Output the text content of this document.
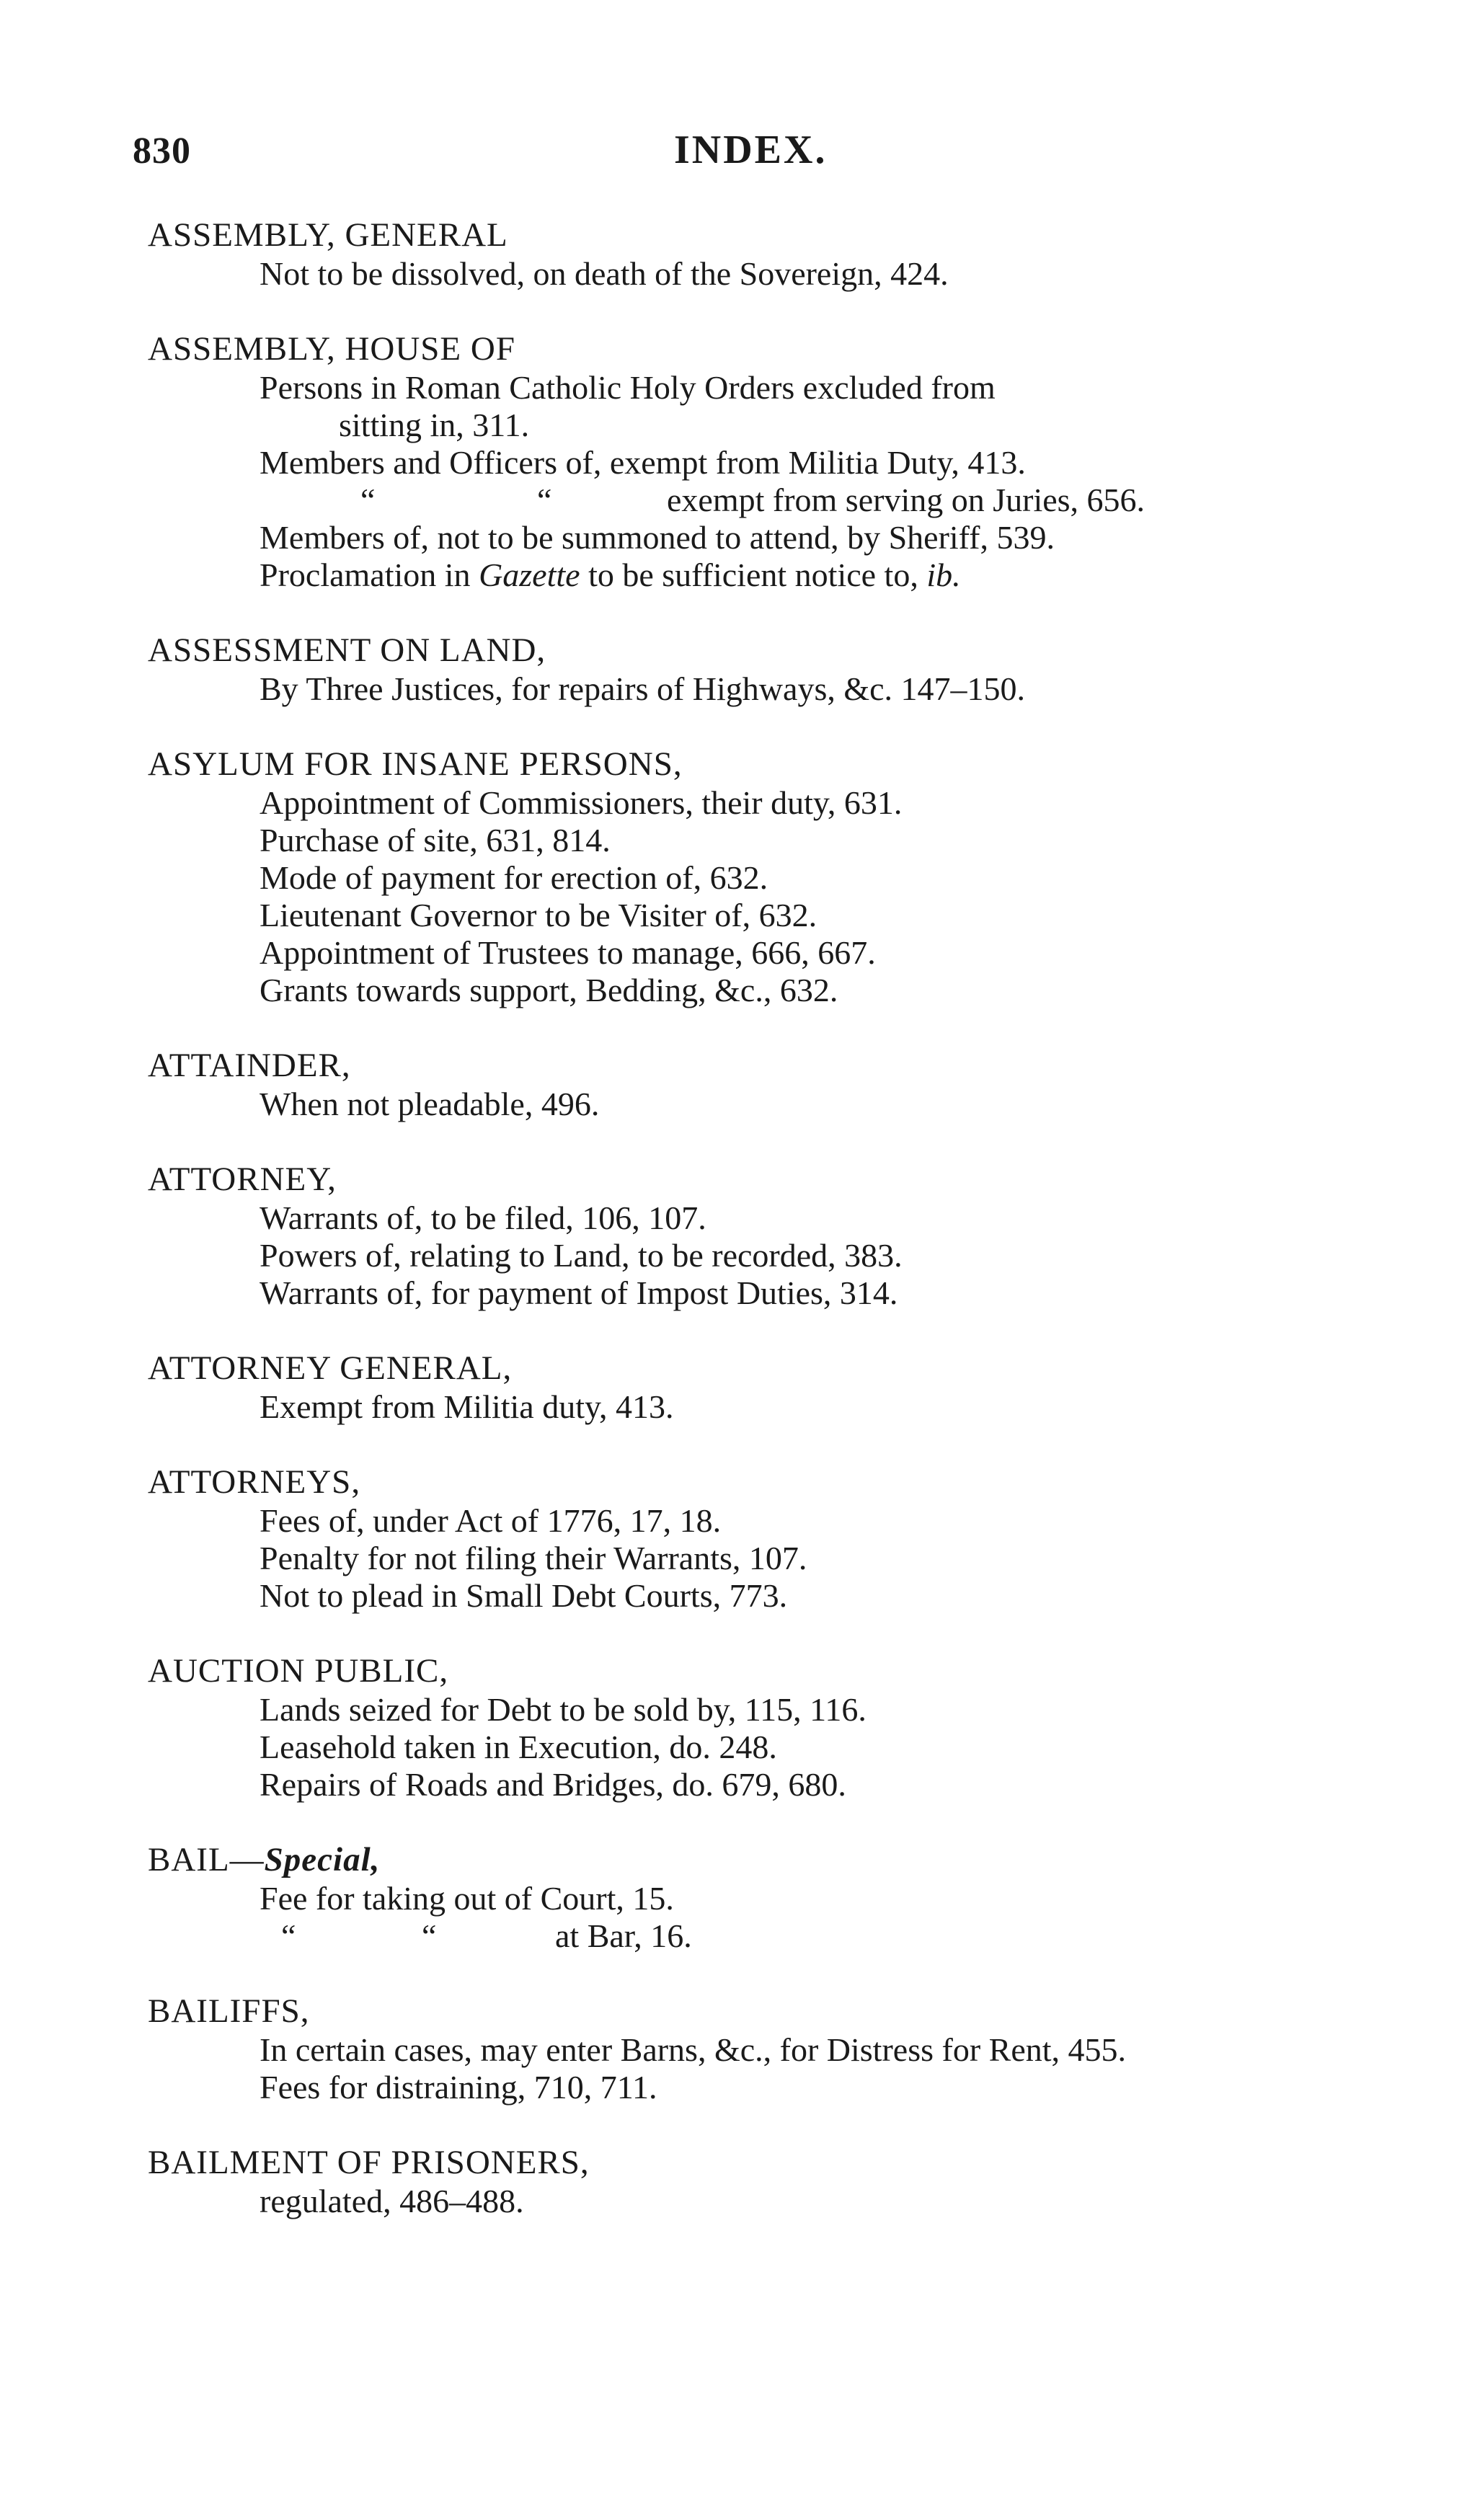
830	INDEX.
ASSEMBLY, GENERAL
Not to be dissolved, on death of the Sovereign, 424.
ASSEMBLY, HOUSE OF
Persons in Roman Catholic Holy Orders excluded from
sitting in, 311.
Members and Officers of, exempt from Militia Duty, 413.
“	“	exempt from serving on Juries, 656.
Members of, not to be summoned to attend, by Sheriff, 539.
Proclamation in Gazette to be sufficient notice to, ib.
ASSESSMENT ON LAND,
By Three Justices, for repairs of Highways, &c. 147–150.
ASYLUM FOR INSANE PERSONS,
Appointment of Commissioners, their duty, 631.
Purchase of site, 631, 814.
Mode of payment for erection of, 632.
Lieutenant Governor to be Visiter of, 632.
Appointment of Trustees to manage, 666, 667.
Grants towards support, Bedding, &c., 632.
ATTAINDER,
When not pleadable, 496.
ATTORNEY,
Warrants of, to be filed, 106, 107.
Powers of, relating to Land, to be recorded, 383.
Warrants of, for payment of Impost Duties, 314.
ATTORNEY GENERAL,
Exempt from Militia duty, 413.
ATTORNEYS,
Fees of, under Act of 1776, 17, 18.
Penalty for not filing their Warrants, 107.
Not to plead in Small Debt Courts, 773.
AUCTION PUBLIC,
Lands seized for Debt to be sold by, 115, 116.
Leasehold taken in Execution, do. 248.
Repairs of Roads and Bridges, do. 679, 680.
BAIL—Special,
Fee for taking out of Court, 15.
“	“	at Bar, 16.
BAILIFFS,
In certain cases, may enter Barns, &c., for Distress for Rent, 455.
Fees for distraining, 710, 711.
BAILMENT OF PRISONERS,
regulated, 486–488.
